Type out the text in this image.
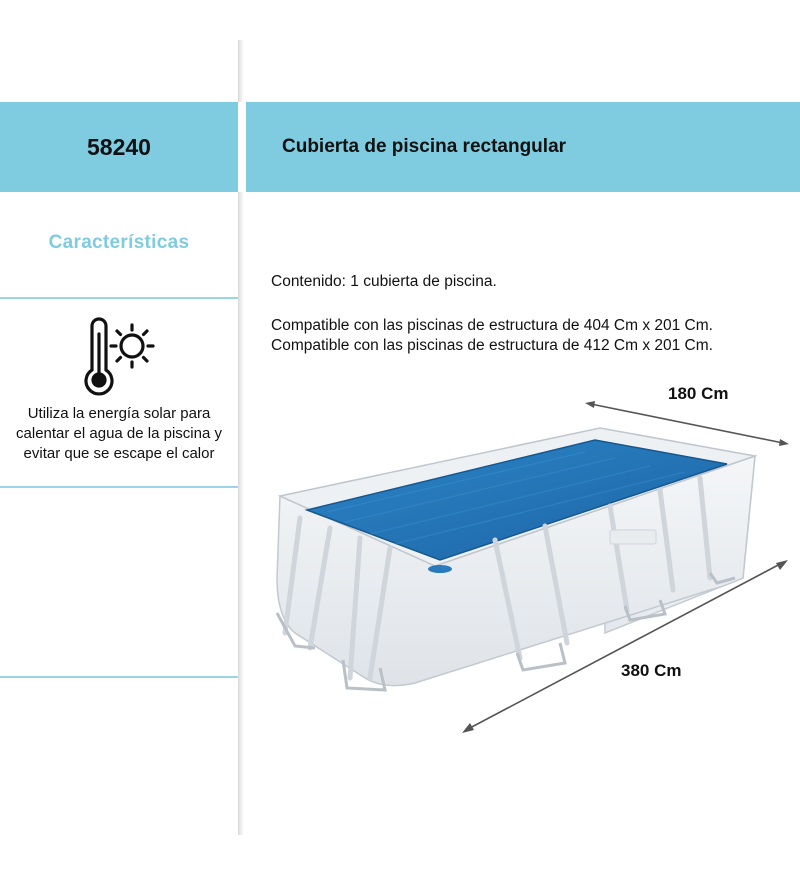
58240	Cubierta de piscina rectangular
Características
Utiliza la energía solar para calentar el agua de la piscina y evitar que se escape el calor
Contenido: 1 cubierta de piscina.
Compatible con las piscinas de estructura de 404 Cm x 201 Cm.
Compatible con las piscinas de estructura de 412 Cm x 201 Cm.
180 Cm
380 Cm
